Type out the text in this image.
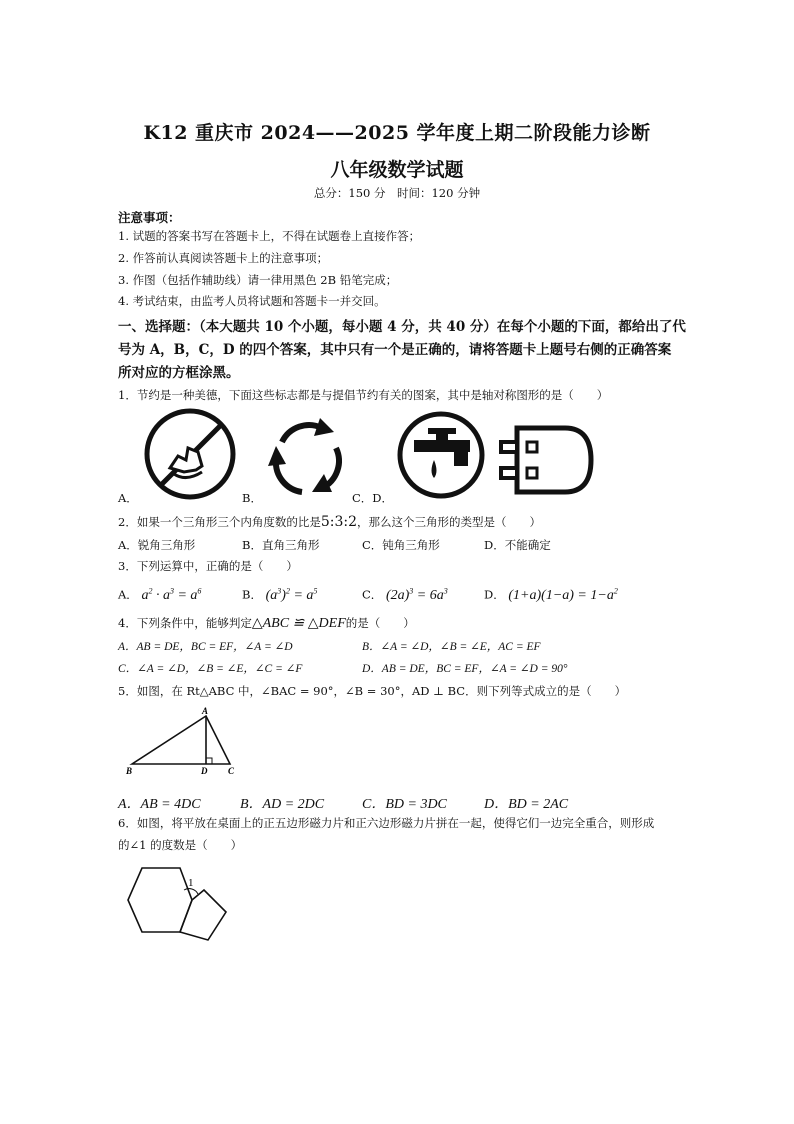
K12 重庆市 2024——2025 学年度上期二阶段能力诊断
八年级数学试题
总分：150 分　时间：120 分钟
注意事项：
1. 试题的答案书写在答题卡上，不得在试题卷上直接作答；
2. 作答前认真阅读答题卡上的注意事项；
3. 作图（包括作辅助线）请一律用黑色 2B 铅笔完成；
4. 考试结束，由监考人员将试题和答题卡一并交回。
一、选择题：（本大题共 10 个小题，每小题 4 分，共 40 分）在每个小题的下面，都给出了代
号为 A，B，C，D 的四个答案，其中只有一个是正确的，请将答题卡上题号右侧的正确答案
所对应的方框涂黑。
1．节约是一种美德，下面这些标志都是与提倡节约有关的图案，其中是轴对称图形的是（　　）
A．	B．	C．D．
2．如果一个三角形三个内角度数的比是5:3:2，那么这个三角形的类型是（　　）
A．锐角三角形	B．直角三角形	C．钝角三角形	D．不能确定
3．下列运算中，正确的是（　　）
A． $a^2 \cdot a^3 = a^6$	B． $(a^3)^2 = a^5$	C． $(2a)^3 = 6a^3$	D． $(1+a)(1-a) = 1-a^2$
4．下列条件中，能够判定△ABC ≌ △DEF的是（　　）
A．AB = DE，BC = EF，∠A = ∠D	B．∠A = ∠D，∠B = ∠E，AC = EF
C．∠A = ∠D，∠B = ∠E，∠C = ∠F	D．AB = DE，BC = EF，∠A = ∠D = 90°
5．如图，在 Rt△ABC 中，∠BAC = 90°，∠B = 30°，AD ⊥ BC．则下列等式成立的是（　　）
A
B	D C
A．AB = 4DC	B．AD = 2DC	C．BD = 3DC	D．BD = 2AC
6．如图，将平放在桌面上的正五边形磁力片和正六边形磁力片拼在一起，使得它们一边完全重合，则形成
的∠1 的度数是（　　）
1
